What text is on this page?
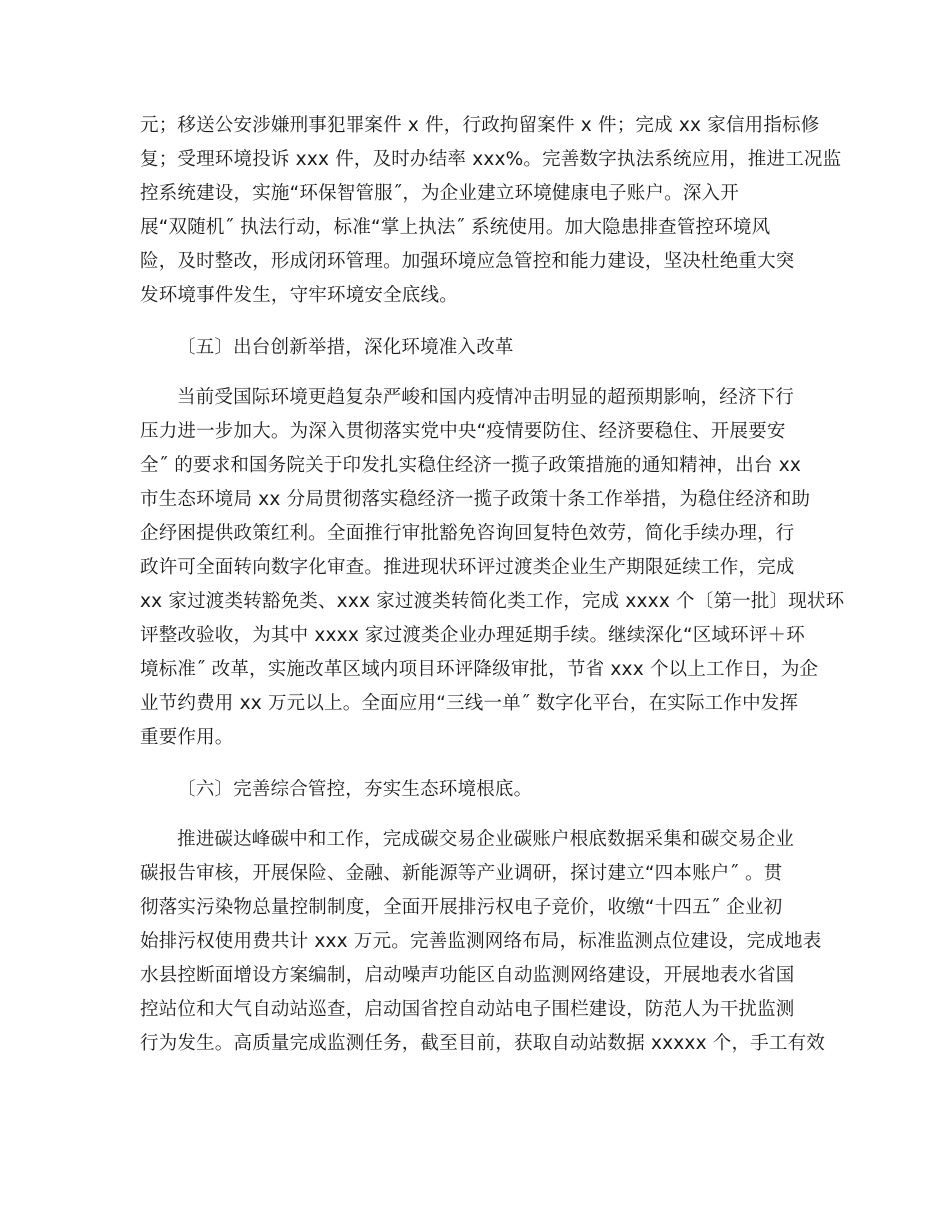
元；移送公安涉嫌刑事犯罪案件 x 件，行政拘留案件 x 件；完成 xx 家信用指标修
复；受理环境投诉 xxx 件，及时办结率 xxx%。完善数字执法系统应用，推进工况监
控系统建设，实施“环保智管服˝，为企业建立环境健康电子账户。深入开
展“双随机˝ 执法行动，标准“掌上执法˝ 系统使用。加大隐患排查管控环境风
险，及时整改，形成闭环管理。加强环境应急管控和能力建设，坚决杜绝重大突
发环境事件发生，守牢环境安全底线。
〔五〕出台创新举措，深化环境准入改革
当前受国际环境更趋复杂严峻和国内疫情冲击明显的超预期影响，经济下行
压力进一步加大。为深入贯彻落实党中央“疫情要防住、经济要稳住、开展要安
全˝ 的要求和国务院关于印发扎实稳住经济一揽子政策措施的通知精神，出台 xx
市生态环境局 xx 分局贯彻落实稳经济一揽子政策十条工作举措，为稳住经济和助
企纾困提供政策红利。全面推行审批豁免咨询回复特色效劳，简化手续办理，行
政许可全面转向数字化审查。推进现状环评过渡类企业生产期限延续工作，完成
xx 家过渡类转豁免类、xxx 家过渡类转简化类工作，完成 xxxx 个〔第一批〕现状环
评整改验收，为其中 xxxx 家过渡类企业办理延期手续。继续深化“区域环评＋环
境标准˝ 改革，实施改革区域内项目环评降级审批，节省 xxx 个以上工作日，为企
业节约费用 xx 万元以上。全面应用“三线一单˝ 数字化平台，在实际工作中发挥
重要作用。
〔六〕完善综合管控，夯实生态环境根底。
推进碳达峰碳中和工作，完成碳交易企业碳账户根底数据采集和碳交易企业
碳报告审核，开展保险、金融、新能源等产业调研，探讨建立“四本账户˝ 。贯
彻落实污染物总量控制制度，全面开展排污权电子竞价，收缴“十四五˝ 企业初
始排污权使用费共计 xxx 万元。完善监测网络布局，标准监测点位建设，完成地表
水县控断面增设方案编制，启动噪声功能区自动监测网络建设，开展地表水省国
控站位和大气自动站巡查，启动国省控自动站电子围栏建设，防范人为干扰监测
行为发生。高质量完成监测任务，截至目前，获取自动站数据 xxxxx 个，手工有效
